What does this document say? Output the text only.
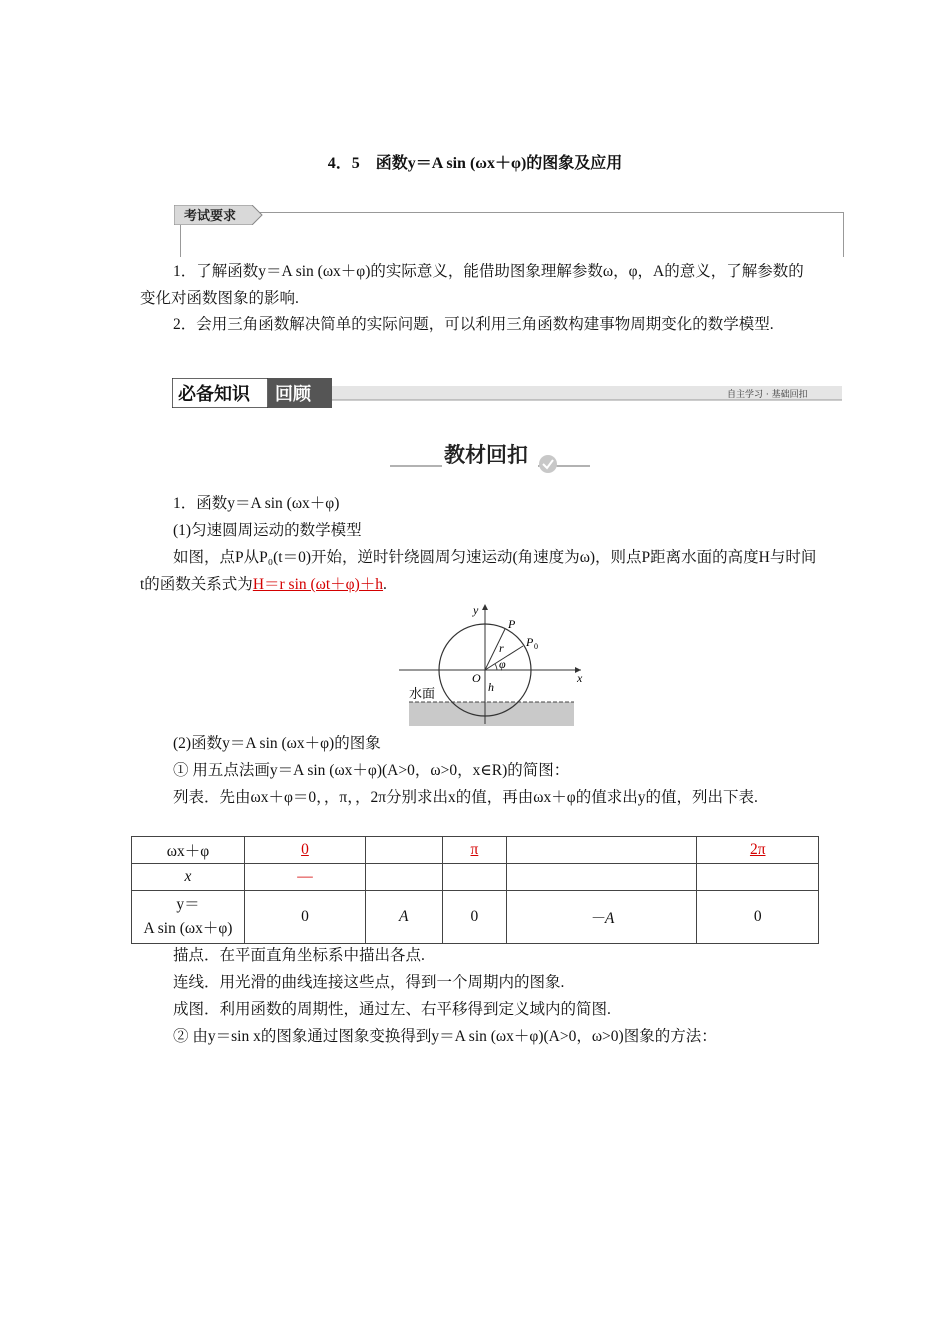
4．5　函数y＝A sin (ωx＋φ)的图象及应用
考试要求
1．了解函数y＝A sin (ωx＋φ)的实际意义，能借助图象理解参数ω，φ，A的意义，了解参数的变化对函数图象的影响.
2．会用三角函数解决简单的实际问题，可以利用三角函数构建事物周期变化的数学模型.
必备知识 回顾	自主学习 · 基础回扣
教材回扣
1．函数y＝A sin (ωx＋φ)
(1)匀速圆周运动的数学模型
如图，点P从P₀(t＝0)开始，逆时针绕圆周匀速运动(角速度为ω)，则点P距离水面的高度H与时间t的函数关系式为H＝r sin (ωt＋φ)＋h.
y
x
O
P
P 0
r
φ
h
水面
(2)函数y＝A sin (ωx＋φ)的图象
① 用五点法画y＝A sin (ωx＋φ)(A>0，ω>0，x∈R)的简图：
列表．先由ωx＋φ＝0，，π，，2π分别求出x的值，再由ωx＋φ的值求出y的值，列出下表.
ωx＋φ	0		π		2π
x	—				

y＝
A sin (ωx＋φ)	0	A	0	－A	0
描点．在平面直角坐标系中描出各点.
连线．用光滑的曲线连接这些点，得到一个周期内的图象.
成图．利用函数的周期性，通过左、右平移得到定义域内的简图.
② 由y＝sin x的图象通过图象变换得到y＝A sin (ωx＋φ)(A>0，ω>0)图象的方法：
